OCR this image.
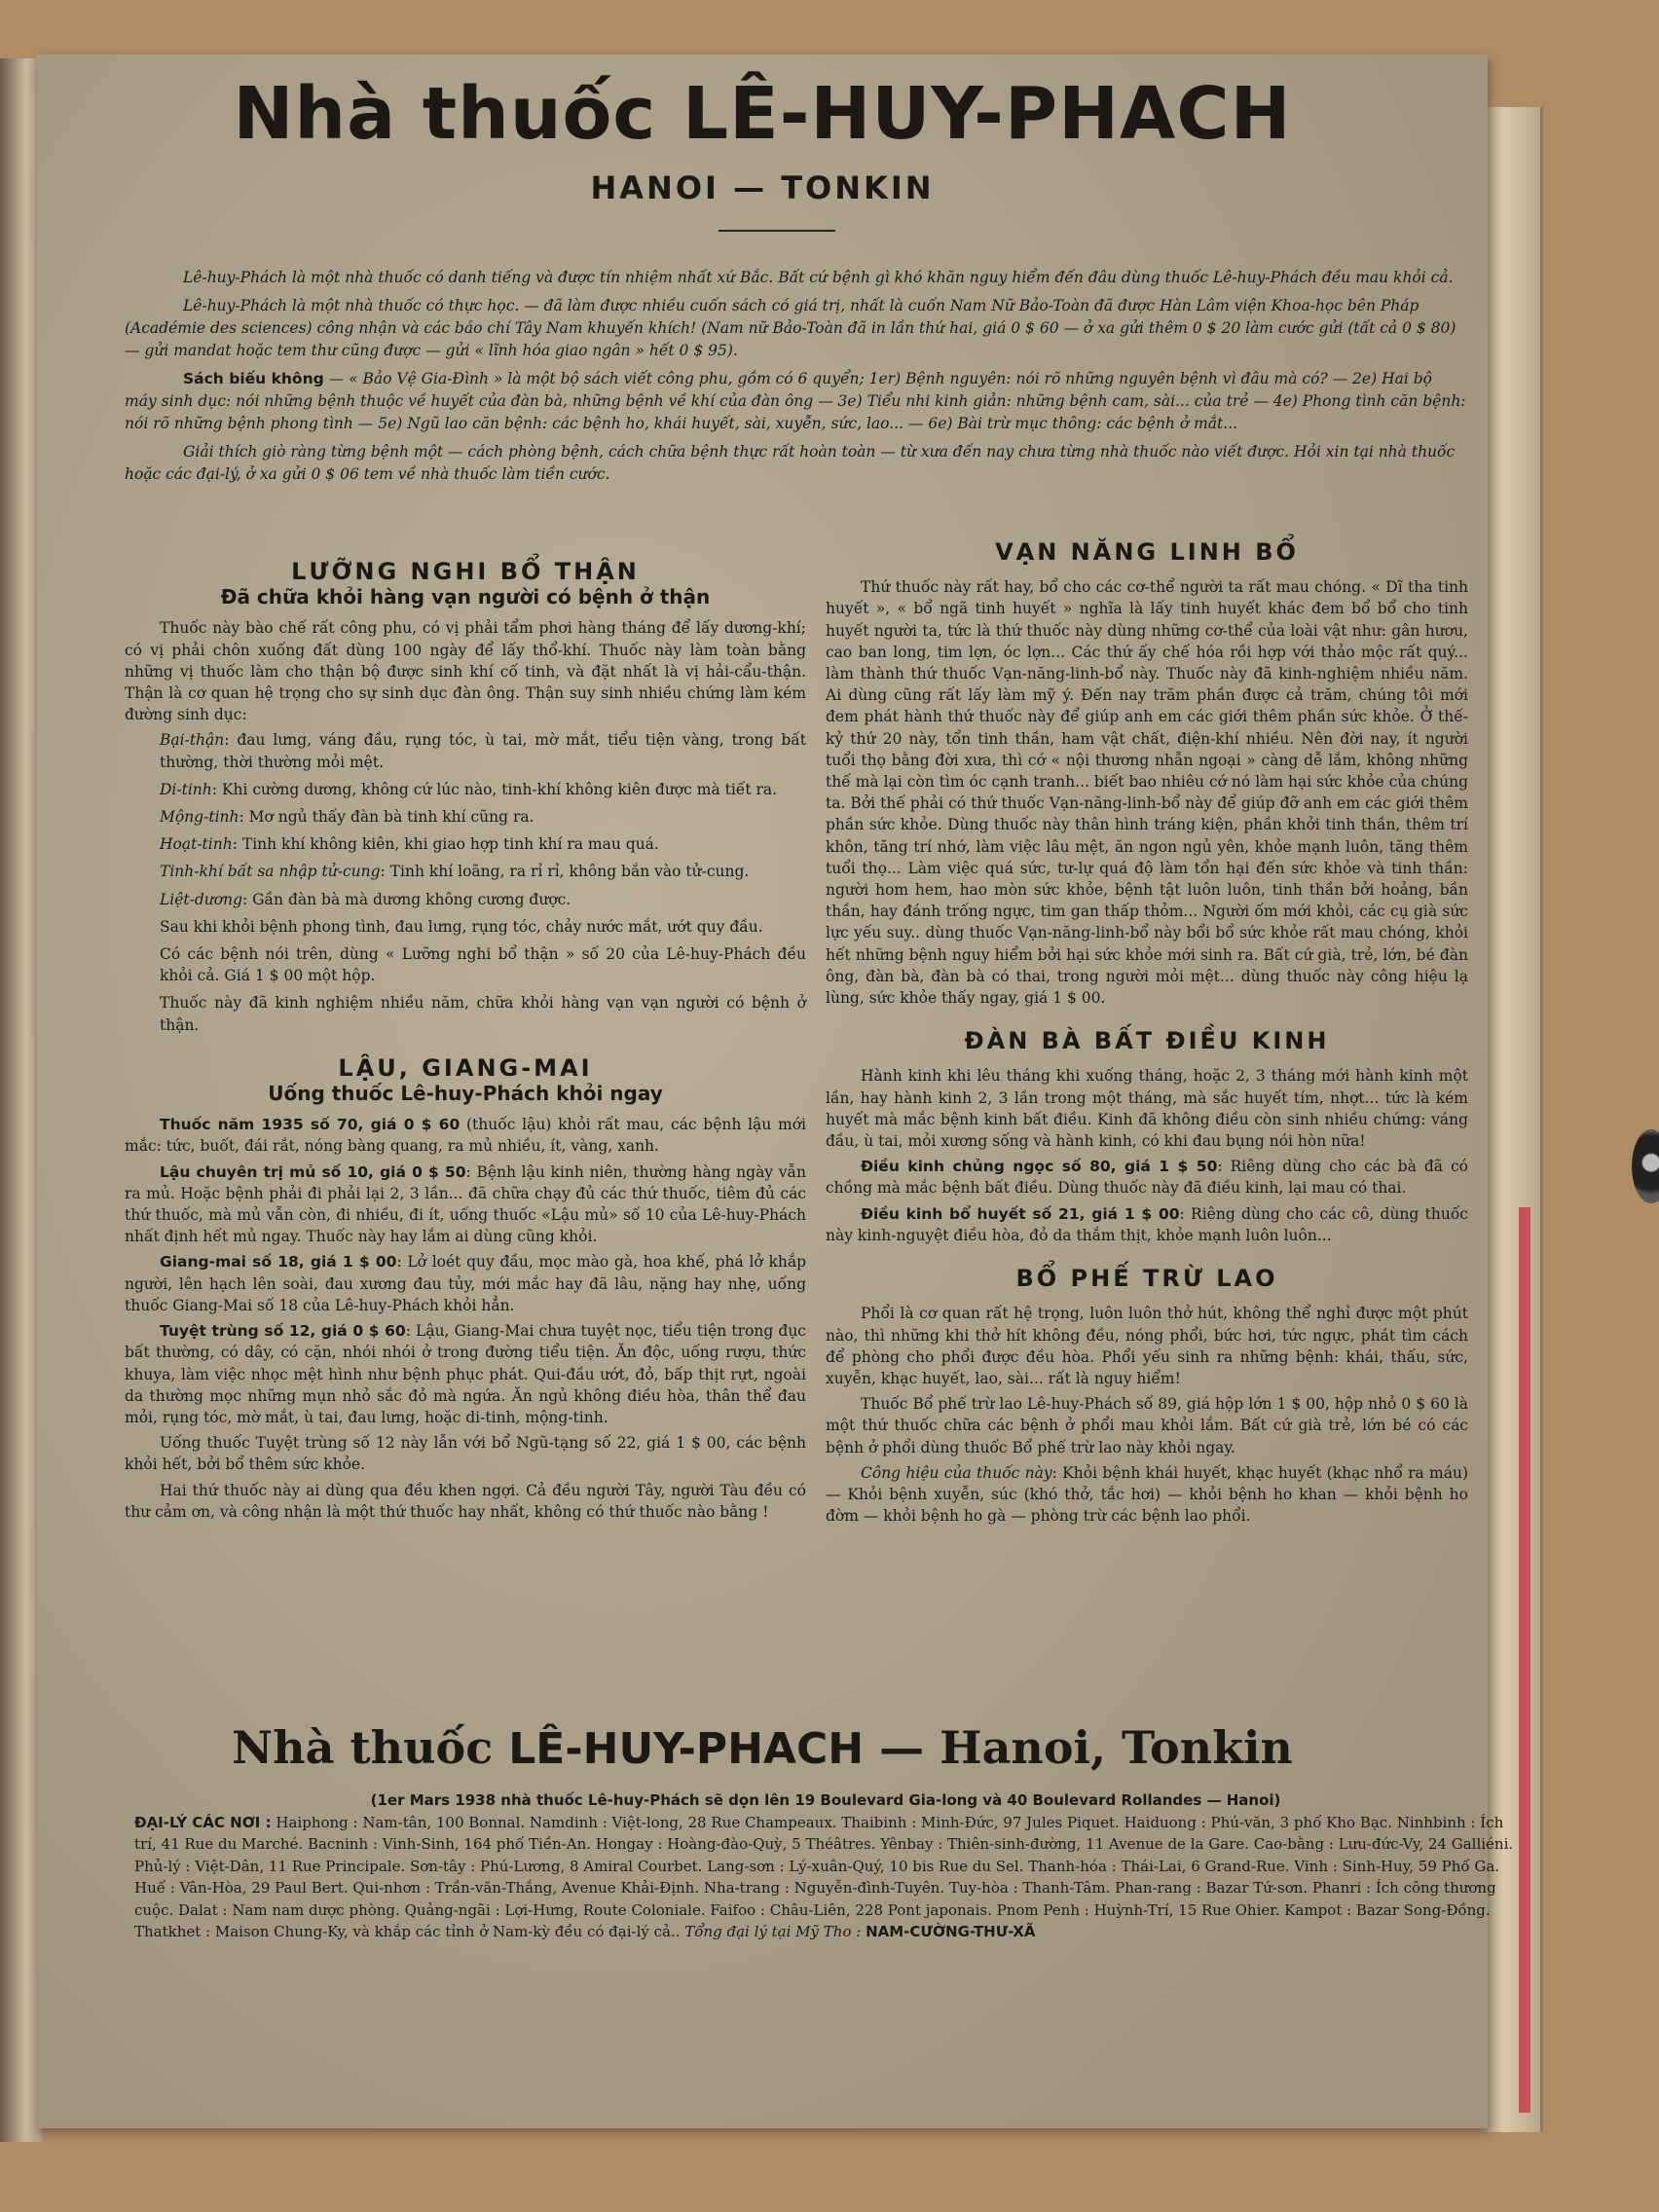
Nhà thuốc LÊ-HUY-PHACH
HANOI — TONKIN

Lê-huy-Phách là một nhà thuốc có danh tiếng và được tín nhiệm nhất xứ Bắc. Bất cứ bệnh gì khó khăn nguy hiểm đến đâu dùng thuốc Lê-huy-Phách đều mau khỏi cả.

Lê-huy-Phách là một nhà thuốc có thực học. — đã làm được nhiều cuốn sách có giá trị, nhất là cuốn Nam Nữ Bảo-Toàn đã được Hàn Lâm viện Khoa-học bên Pháp (Académie des sciences) công nhận và các báo chí Tây Nam khuyến khích! (Nam nữ Bảo-Toàn đã in lần thứ hai, giá 0 $ 60 — ở xa gửi thêm 0 $ 20 làm cước gửi (tất cả 0 $ 80) — gửi mandat hoặc tem thư cũng được — gửi « lĩnh hóa giao ngân » hết 0 $ 95).

Sách biếu không — « Bảo Vệ Gia-Đình » là một bộ sách viết công phu, gồm có 6 quyển; 1er) Bệnh nguyên: nói rõ những nguyên bệnh vì đâu mà có? — 2e) Hai bộ máy sinh dục: nói những bệnh thuộc về huyết của đàn bà, những bệnh về khí của đàn ông — 3e) Tiểu nhi kinh giản: những bệnh cam, sài... của trẻ — 4e) Phong tình căn bệnh: nói rõ những bệnh phong tình — 5e) Ngũ lao căn bệnh: các bệnh ho, khái huyết, sài, xuyễn, sức, lao... — 6e) Bài trừ mục thông: các bệnh ở mắt...

Giải thích giò ràng từng bệnh một — cách phòng bệnh, cách chữa bệnh thực rất hoàn toàn — từ xưa đến nay chưa từng nhà thuốc nào viết được. Hỏi xin tại nhà thuốc hoặc các đại-lý, ở xa gửi 0 $ 06 tem về nhà thuốc làm tiền cước.

LƯỠNG NGHI BỔ THẬN
Đã chữa khỏi hàng vạn người có bệnh ở thận

Thuốc này bào chế rất công phu, có vị phải tẩm phơi hàng tháng để lấy dương-khí; có vị phải chôn xuống đất dùng 100 ngày để lấy thổ-khí. Thuốc này làm toàn bằng những vị thuốc làm cho thận bộ được sinh khí cố tinh, và đặt nhất là vị hải-cẩu-thận. Thận là cơ quan hệ trọng cho sự sinh dục đàn ông. Thận suy sinh nhiều chứng làm kém đường sinh dục:

Bại-thận: đau lưng, váng đầu, rụng tóc, ù tai, mờ mắt, tiểu tiện vàng, trong bất thường, thời thường mỏi mệt.

Di-tinh: Khi cường dương, không cứ lúc nào, tinh-khí không kiên được mà tiết ra.

Mộng-tinh: Mơ ngủ thấy đàn bà tinh khí cũng ra.

Hoạt-tinh: Tinh khí không kiên, khi giao hợp tinh khí ra mau quá.

Tinh-khí bất sa nhập tử-cung: Tinh khí loãng, ra rỉ rỉ, không bắn vào tử-cung.

Liệt-dương: Gần đàn bà mà dương không cương được.

Sau khi khỏi bệnh phong tình, đau lưng, rụng tóc, chảy nước mắt, ướt quy đầu.

Có các bệnh nói trên, dùng « Lưỡng nghi bổ thận » số 20 của Lê-huy-Phách đều khỏi cả. Giá 1 $ 00 một hộp.

Thuốc này đã kinh nghiệm nhiều năm, chữa khỏi hàng vạn vạn người có bệnh ở thận.

LẬU, GIANG-MAI
Uống thuốc Lê-huy-Phách khỏi ngay

Thuốc năm 1935 số 70, giá 0 $ 60 (thuốc lậu) khỏi rất mau, các bệnh lậu mới mắc: tức, buốt, đái rắt, nóng bàng quang, ra mủ nhiều, ít, vàng, xanh.

Lậu chuyên trị mủ số 10, giá 0 $ 50: Bệnh lậu kinh niên, thường hàng ngày vẫn ra mủ. Hoặc bệnh phải đi phải lại 2, 3 lần... đã chữa chạy đủ các thứ thuốc, tiêm đủ các thứ thuốc, mà mủ vẫn còn, đi nhiều, đi ít, uống thuốc «Lậu mủ» số 10 của Lê-huy-Phách nhất định hết mủ ngay. Thuốc này hay lắm ai dùng cũng khỏi.

Giang-mai số 18, giá 1 $ 00: Lở loét quy đầu, mọc mào gà, hoa khế, phá lở khắp người, lên hạch lên soài, đau xương đau tủy, mới mắc hay đã lâu, nặng hay nhẹ, uống thuốc Giang-Mai số 18 của Lê-huy-Phách khỏi hẳn.

Tuyệt trùng số 12, giá 0 $ 60: Lậu, Giang-Mai chưa tuyệt nọc, tiểu tiện trong đục bất thường, có dây, có cặn, nhói nhói ở trong đường tiểu tiện. Ăn độc, uống rượu, thức khuya, làm việc nhọc mệt hình như bệnh phục phát. Qui-đầu ướt, đỏ, bấp thịt rựt, ngoài da thường mọc những mụn nhỏ sắc đỏ mà ngứa. Ăn ngủ không điều hòa, thân thể đau mỏi, rụng tóc, mờ mắt, ù tai, đau lưng, hoặc di-tinh, mộng-tinh.

Uống thuốc Tuyệt trùng số 12 này lẫn với bổ Ngũ-tạng số 22, giá 1 $ 00, các bệnh khỏi hết, bởi bổ thêm sức khỏe.

Hai thứ thuốc này ai dùng qua đều khen ngợi. Cả đều người Tây, người Tàu đều có thư cảm ơn, và công nhận là một thứ thuốc hay nhất, không có thứ thuốc nào bằng !

VẠN NĂNG LINH BỔ

Thứ thuốc này rất hay, bổ cho các cơ-thể người ta rất mau chóng. « Dĩ tha tinh huyết », « bổ ngã tinh huyết » nghĩa là lấy tinh huyết khác đem bổ bổ cho tinh huyết người ta, tức là thứ thuốc này dùng những cơ-thể của loài vật như: gân hươu, cao ban long, tim lợn, óc lợn... Các thứ ấy chế hóa rồi hợp với thảo mộc rất quý... làm thành thứ thuốc Vạn-năng-linh-bổ này. Thuốc này đã kinh-nghiệm nhiều năm. Ai dùng cũng rất lấy làm mỹ ý. Đến nay trăm phần được cả trăm, chúng tôi mới đem phát hành thứ thuốc này để giúp anh em các giới thêm phần sức khỏe. Ở thế-kỷ thứ 20 này, tổn tinh thần, ham vật chất, điện-khí nhiều. Nên đời nay, ít người tuổi thọ bằng đời xưa, thì cớ « nội thương nhẫn ngoại » càng dễ lắm, không những thế mà lại còn tìm óc cạnh tranh... biết bao nhiêu cớ nó làm hại sức khỏe của chúng ta. Bởi thế phải có thứ thuốc Vạn-năng-linh-bổ này để giúp đỡ anh em các giới thêm phần sức khỏe. Dùng thuốc này thân hình tráng kiện, phần khởi tinh thần, thêm trí khôn, tăng trí nhớ, làm việc lâu mệt, ăn ngon ngủ yên, khỏe mạnh luôn, tăng thêm tuổi thọ... Làm việc quá sức, tư-lự quá độ làm tổn hại đến sức khỏe và tinh thần: người hom hem, hao mòn sức khỏe, bệnh tật luôn luôn, tinh thần bởi hoảng, bần thần, hay đánh trống ngực, tim gan thấp thỏm... Người ốm mới khỏi, các cụ già sức lực yếu suy.. dùng thuốc Vạn-năng-linh-bổ này bổi bổ sức khỏe rất mau chóng, khỏi hết những bệnh nguy hiểm bởi hại sức khỏe mới sinh ra. Bất cứ già, trẻ, lớn, bé đàn ông, đàn bà, đàn bà có thai, trong người mỏi mệt... dùng thuốc này công hiệu lạ lùng, sức khỏe thấy ngay, giá 1 $ 00.

ĐÀN BÀ BẤT ĐIỀU KINH

Hành kinh khi lêu tháng khi xuống tháng, hoặc 2, 3 tháng mới hành kinh một lần, hay hành kinh 2, 3 lần trong một tháng, mà sắc huyết tím, nhợt... tức là kém huyết mà mắc bệnh kinh bất điều. Kinh đã không điều còn sinh nhiều chứng: váng đầu, ù tai, mỏi xương sống và hành kinh, có khi đau bụng nói hòn nữa!

Điều kinh chủng ngọc số 80, giá 1 $ 50: Riêng dùng cho các bà đã có chồng mà mắc bệnh bất điều. Dùng thuốc này đã điều kinh, lại mau có thai.

Điều kinh bổ huyết số 21, giá 1 $ 00: Riêng dùng cho các cô, dùng thuốc này kinh-nguyệt điều hòa, đỏ da thắm thịt, khỏe mạnh luôn luôn...

BỔ PHẾ TRỪ LAO

Phổi là cơ quan rất hệ trọng, luôn luôn thở hút, không thể nghỉ được một phút nào, thì những khi thở hít không đều, nóng phổi, bức hơi, tức ngực, phát tìm cách để phòng cho phổi được đều hòa. Phổi yếu sinh ra những bệnh: khái, thấu, sức, xuyễn, khạc huyết, lao, sài... rất là nguy hiểm!

Thuốc Bổ phế trừ lao Lê-huy-Phách số 89, giá hộp lớn 1 $ 00, hộp nhỏ 0 $ 60 là một thứ thuốc chữa các bệnh ở phổi mau khỏi lắm. Bất cứ già trẻ, lớn bé có các bệnh ở phổi dùng thuốc Bổ phế trừ lao này khỏi ngay.

Công hiệu của thuốc này: Khỏi bệnh khái huyết, khạc huyết (khạc nhổ ra máu) — Khỏi bệnh xuyễn, súc (khó thở, tắc hơi) — khỏi bệnh ho khan — khỏi bệnh ho đờm — khỏi bệnh ho gà — phòng trừ các bệnh lao phổi.

Nhà thuốc LÊ-HUY-PHACH — Hanoi, Tonkin
(1er Mars 1938 nhà thuốc Lê-huy-Phách sẽ dọn lên 19 Boulevard Gia-long và 40 Boulevard Rollandes — Hanoi)
ĐẠI-LÝ CÁC NƠI : Haiphong : Nam-tân, 100 Bonnal. Namdinh : Việt-long, 28 Rue Champeaux. Thaibinh : Minh-Đức, 97 Jules Piquet. Haiduong : Phú-văn, 3 phố Kho Bạc. Ninhbinh : Ích trí, 41 Rue du Marché. Bacninh : Vinh-Sinh, 164 phố Tiền-An. Hongay : Hoàng-đào-Quỳ, 5 Théâtres. Yênbay : Thiên-sinh-đường, 11 Avenue de la Gare. Cao-bằng : Lưu-đức-Vy, 24 Galliéni. Phủ-lý : Việt-Dân, 11 Rue Principale. Sơn-tây : Phú-Lương, 8 Amiral Courbet. Lang-sơn : Lý-xuân-Quý, 10 bis Rue du Sel. Thanh-hóa : Thái-Lai, 6 Grand-Rue. Vinh : Sinh-Huy, 59 Phố Ga. Huế : Vân-Hòa, 29 Paul Bert. Qui-nhơn : Trần-văn-Thắng, Avenue Khải-Định. Nha-trang : Nguyễn-đình-Tuyên. Tuy-hòa : Thanh-Tâm. Phan-rang : Bazar Tứ-sơn. Phanri : Ích công thương cuộc. Dalat : Nam nam dược phòng. Quảng-ngãi : Lợi-Hưng, Route Coloniale. Faifoo : Châu-Liên, 228 Pont japonais. Pnom Penh : Huỳnh-Trí, 15 Rue Ohier. Kampot : Bazar Song-Đồng. Thatkhet : Maison Chung-Ky, và khắp các tỉnh ở Nam-kỳ đều có đại-lý cả.. Tổng đại lý tại Mỹ Tho : NAM-CƯỜNG-THƯ-XÃ
